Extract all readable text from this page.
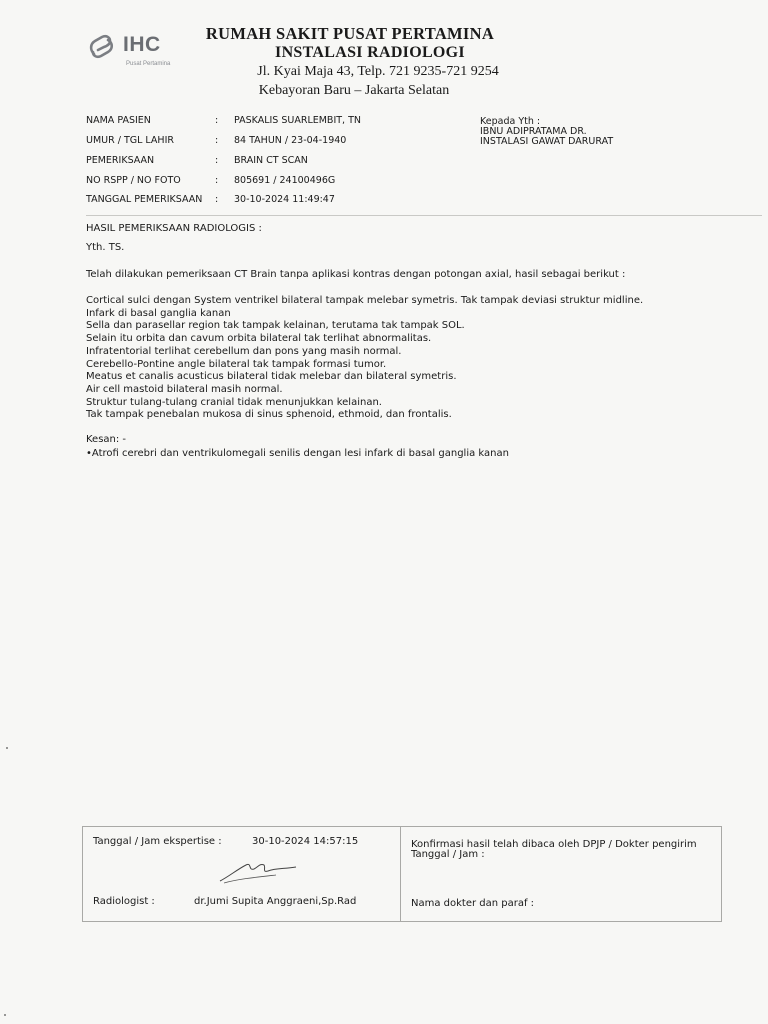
IHC
Pusat Pertamina
RUMAH SAKIT PUSAT PERTAMINA
INSTALASI RADIOLOGI
Jl. Kyai Maja 43, Telp. 721 9235-721 9254
Kebayoran Baru – Jakarta Selatan
NAMA PASIEN	: PASKALIS SUARLEMBIT, TN
UMUR / TGL LAHIR	: 84 TAHUN / 23-04-1940
PEMERIKSAAN	: BRAIN CT SCAN
NO RSPP / NO FOTO	: 805691 / 24100496G
TANGGAL PEMERIKSAAN	: 30-10-2024 11:49:47
Kepada Yth :
IBNU ADIPRATAMA DR.
INSTALASI GAWAT DARURAT
HASIL PEMERIKSAAN RADIOLOGIS :
Yth. TS.
Telah dilakukan pemeriksaan CT Brain tanpa aplikasi kontras dengan potongan axial, hasil sebagai berikut :
Cortical sulci dengan System ventrikel bilateral tampak melebar symetris. Tak tampak deviasi struktur midline.
Infark di basal ganglia kanan
Sella dan parasellar region tak tampak kelainan, terutama tak tampak SOL.
Selain itu orbita dan cavum orbita bilateral tak terlihat abnormalitas.
Infratentorial terlihat cerebellum dan pons yang masih normal.
Cerebello-Pontine angle bilateral tak tampak formasi tumor.
Meatus et canalis acusticus bilateral tidak melebar dan bilateral symetris.
Air cell mastoid bilateral masih normal.
Struktur tulang-tulang cranial tidak menunjukkan kelainan.
Tak tampak penebalan mukosa di sinus sphenoid, ethmoid, dan frontalis.
Kesan: -
•Atrofi cerebri dan ventrikulomegali senilis dengan lesi infark di basal ganglia kanan
Tanggal / Jam ekspertise :	30-10-2024 14:57:15
Radiologist :	dr.Jumi Supita Anggraeni,Sp.Rad
Konfirmasi hasil telah dibaca oleh DPJP / Dokter pengirim
Tanggal / Jam :
Nama dokter dan paraf :
